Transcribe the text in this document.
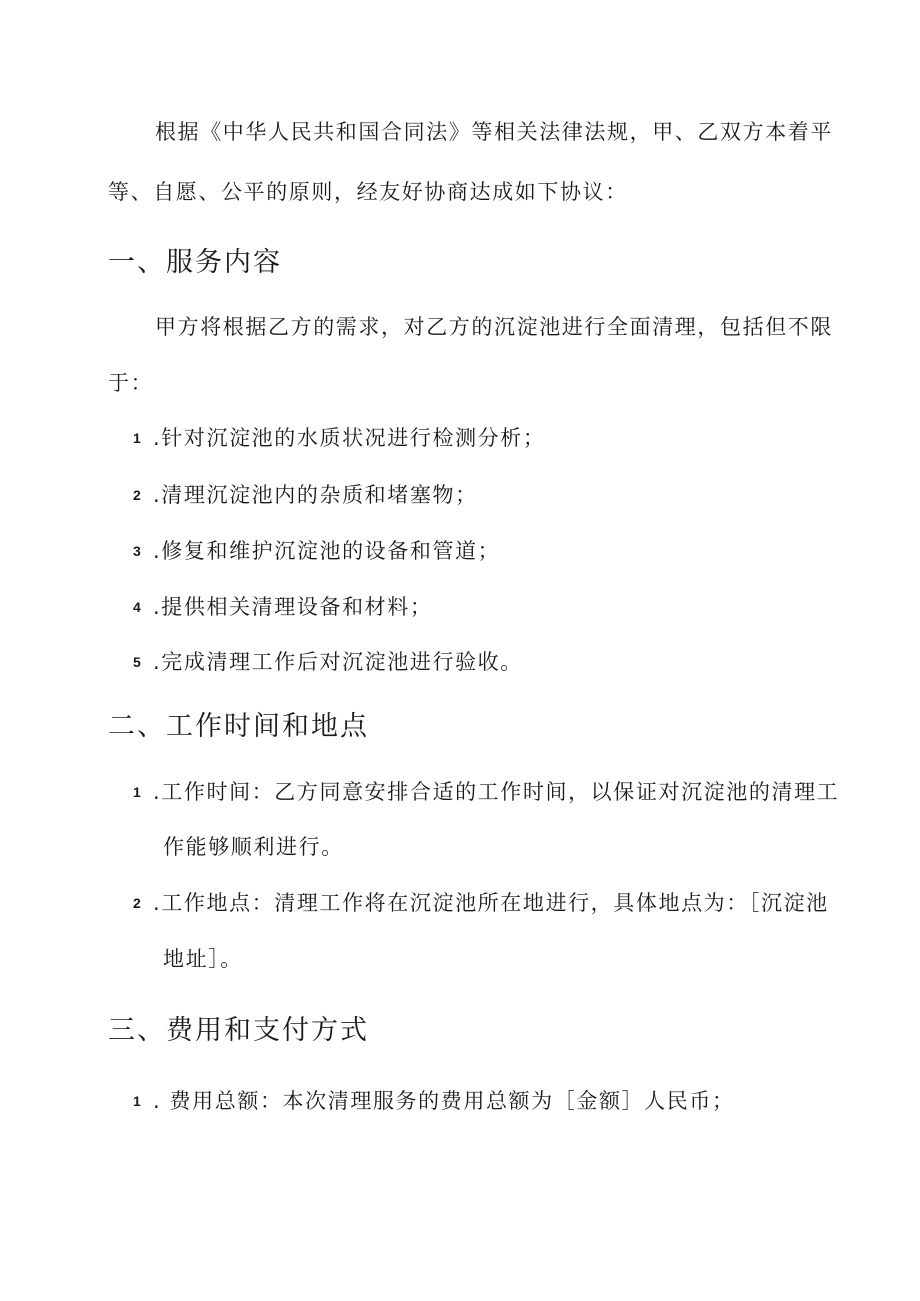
根据《中华人民共和国合同法》等相关法律法规，甲、乙双方本着平
等、自愿、公平的原则，经友好协商达成如下协议：
一、服务内容
甲方将根据乙方的需求，对乙方的沉淀池进行全面清理，包括但不限
于：
1 .针对沉淀池的水质状况进行检测分析；
2 .清理沉淀池内的杂质和堵塞物；
3 .修复和维护沉淀池的设备和管道；
4 .提供相关清理设备和材料；
5 .完成清理工作后对沉淀池进行验收。
二、工作时间和地点
1 .工作时间：乙方同意安排合适的工作时间，以保证对沉淀池的清理工
作能够顺利进行。
2 .工作地点：清理工作将在沉淀池所在地进行，具体地点为：［沉淀池
地址］。
三、费用和支付方式
1 . 费用总额：本次清理服务的费用总额为［金额］人民币；
